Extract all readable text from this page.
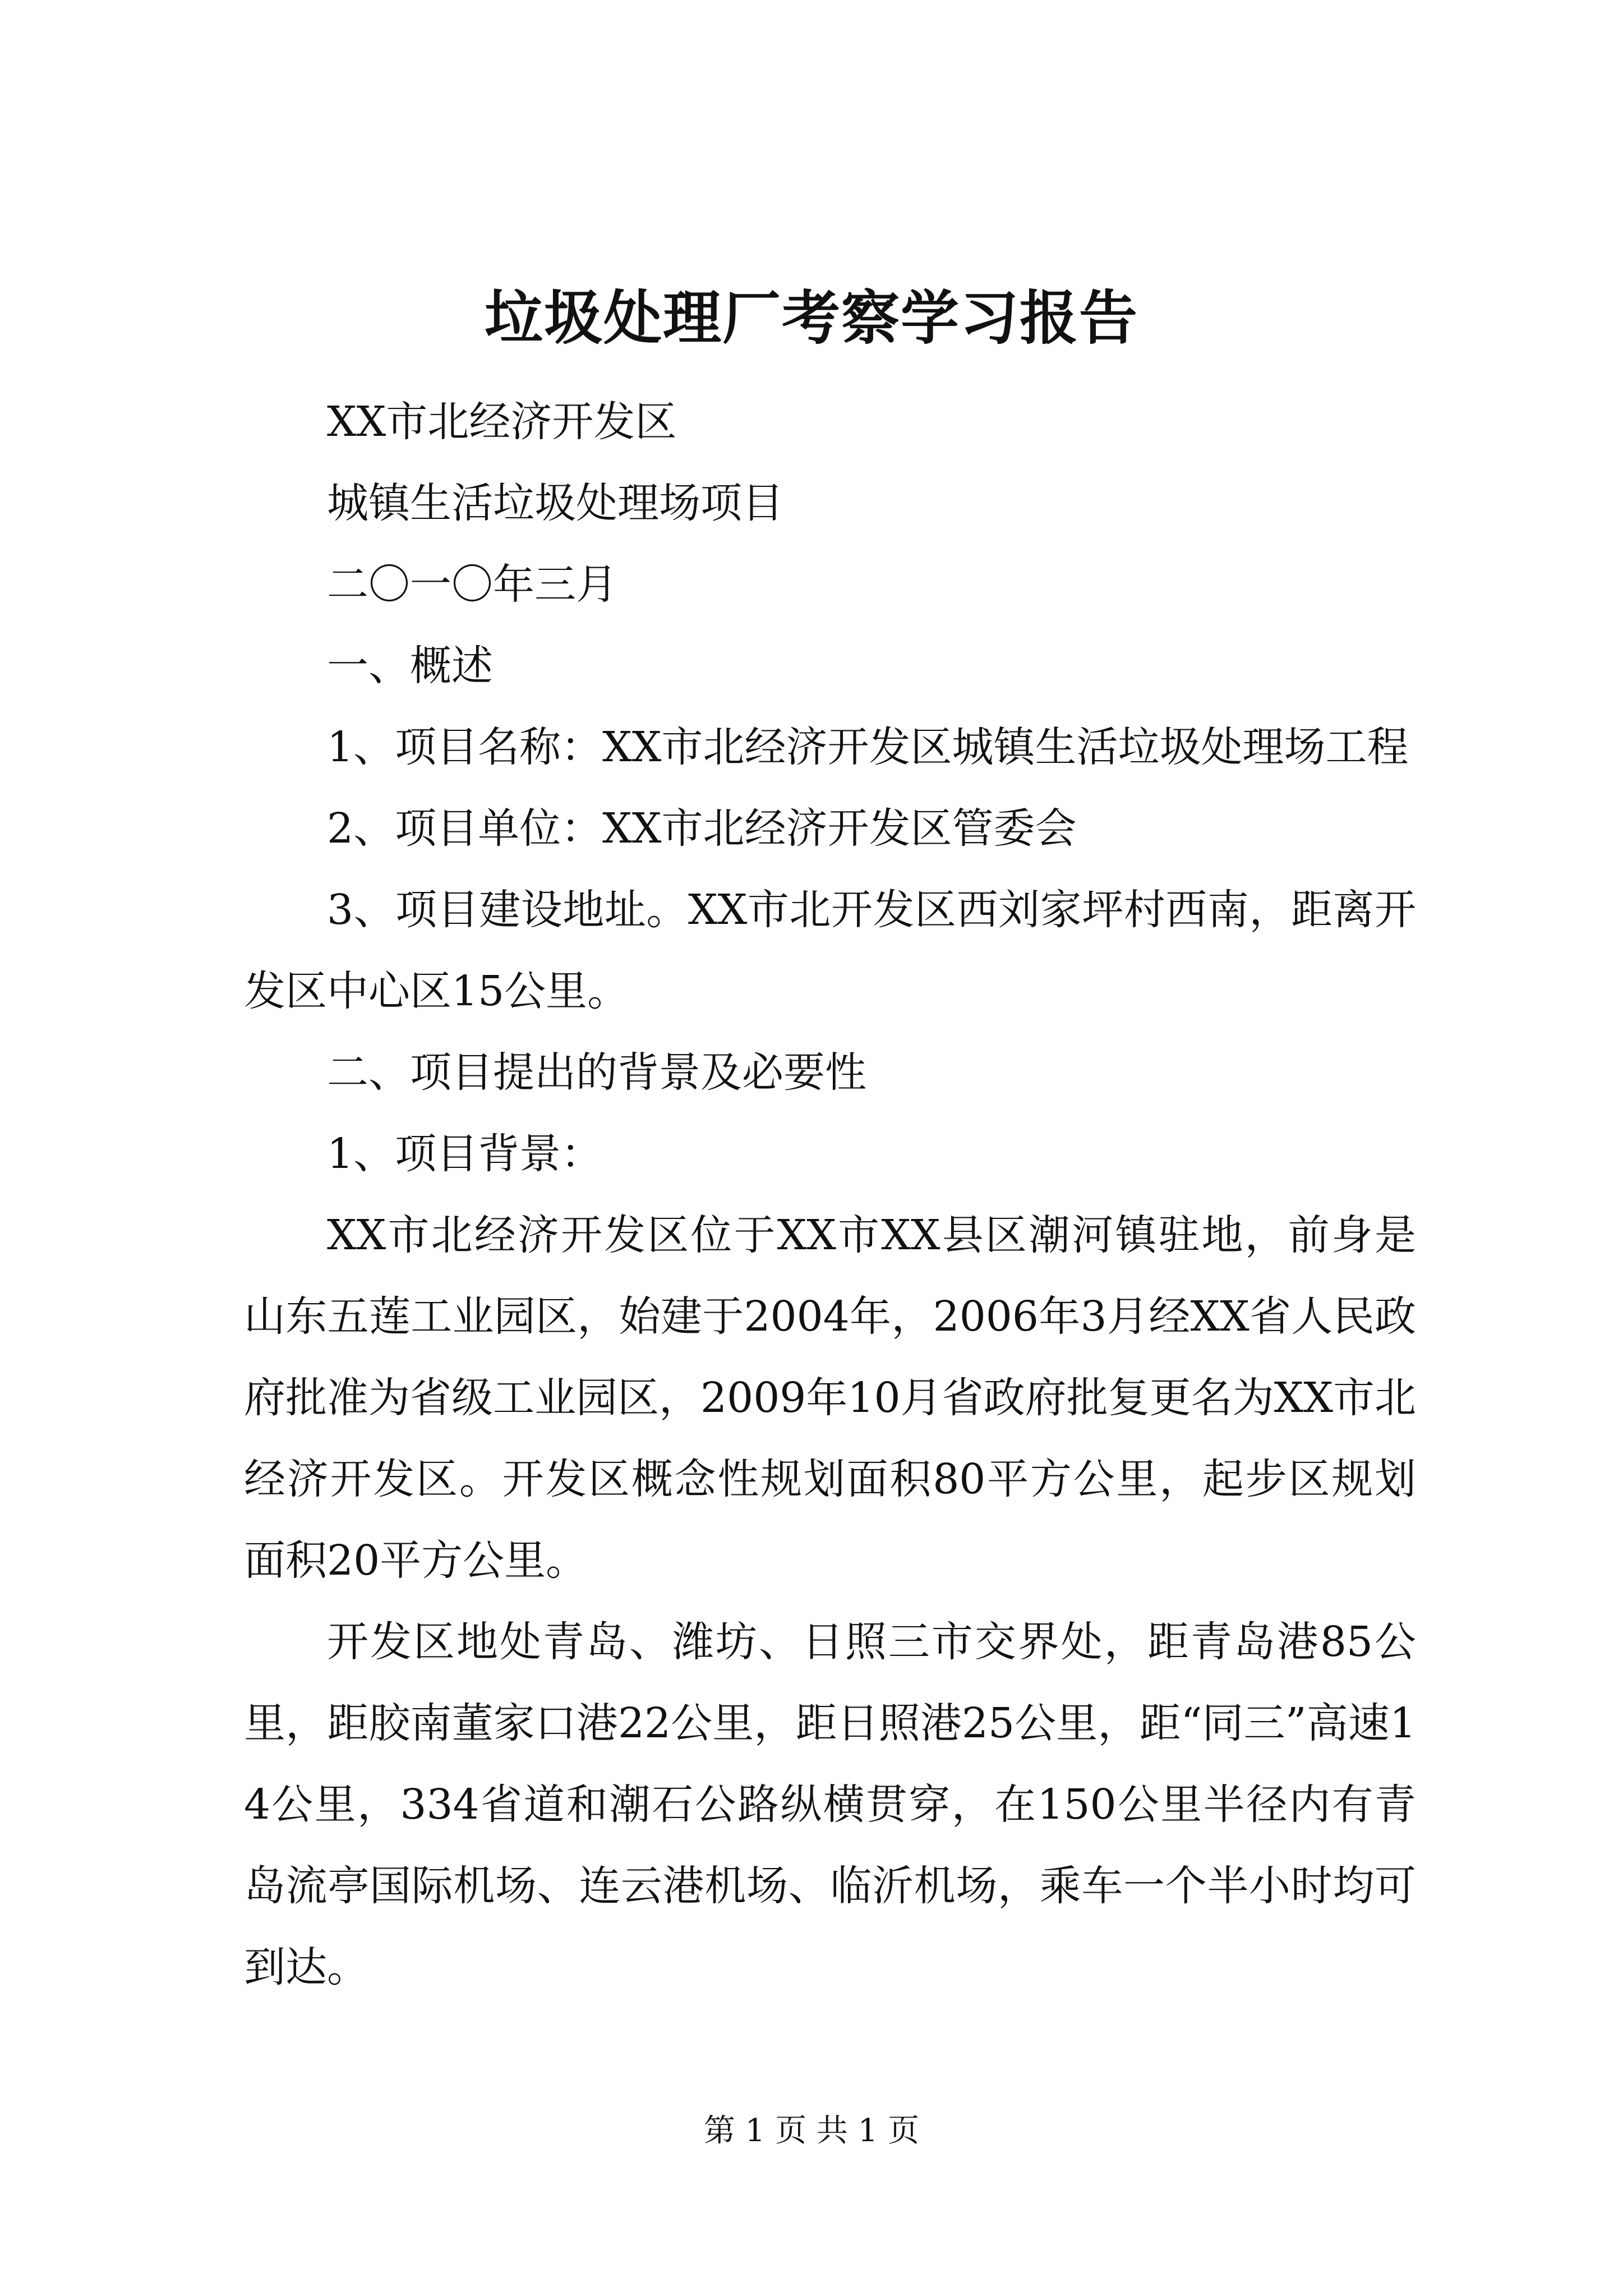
垃圾处理厂考察学习报告

XX市北经济开发区

城镇生活垃圾处理场项目

二〇一〇年三月

一、概述

1、项目名称：XX市北经济开发区城镇生活垃圾处理场工程

2、项目单位：XX市北经济开发区管委会

3、项目建设地址。XX市北开发区西刘家坪村西南，距离开发区中心区15公里。

二、项目提出的背景及必要性

1、项目背景：

XX市北经济开发区位于XX市XX县区潮河镇驻地，前身是山东五莲工业园区，始建于2004年，2006年3月经XX省人民政府批准为省级工业园区，2009年10月省政府批复更名为XX市北经济开发区。开发区概念性规划面积80平方公里，起步区规划面积20平方公里。

开发区地处青岛、潍坊、日照三市交界处，距青岛港85公里，距胶南董家口港22公里，距日照港25公里，距“同三”高速14公里，334省道和潮石公路纵横贯穿，在150公里半径内有青岛流亭国际机场、连云港机场、临沂机场，乘车一个半小时均可到达。

第 1 页 共 1 页
